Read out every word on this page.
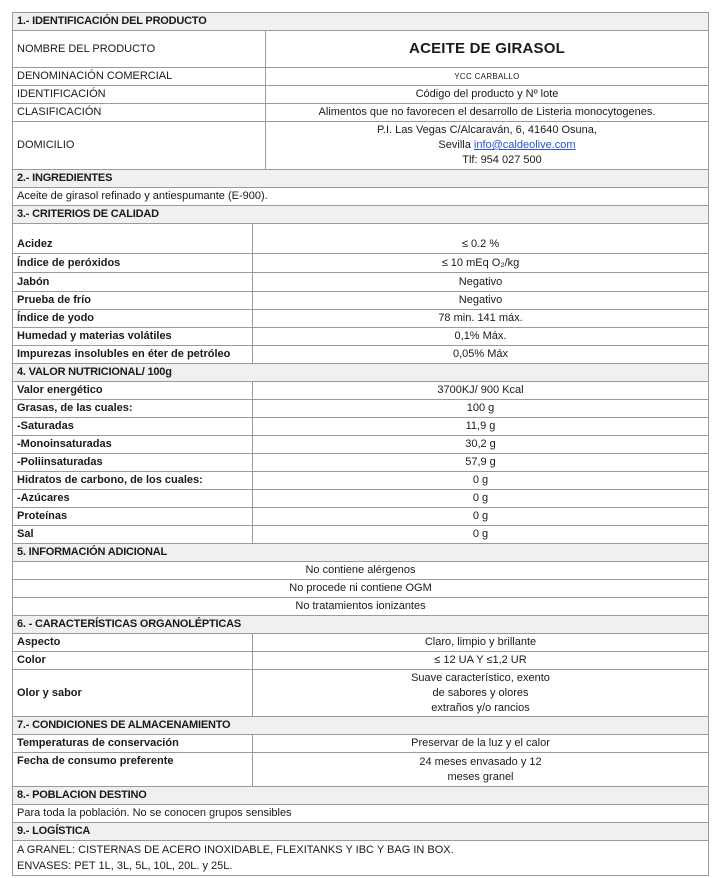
1.- IDENTIFICACIÓN DEL PRODUCTO	
NOMBRE DEL PRODUCTO	ACEITE DE GIRASOL
DENOMINACIÓN COMERCIAL	YCC CARBALLO
IDENTIFICACIÓN	Código del producto y Nº lote
CLASIFICACIÓN	Alimentos que no favorecen el desarrollo de Listeria monocytogenes.
DOMICILIO	P.I. Las Vegas C/Alcaraván, 6, 41640 Osuna,
Sevilla info@caldeolive.com
Tlf: 954 027 500
2.- INGREDIENTES
Aceite de girasol refinado y antiespumante (E-900).
3.- CRITERIOS DE CALIDAD	
Acidez	≤ 0.2 %
Índice de peróxidos	≤ 10 mEq O₂/kg
Jabón	Negativo
Prueba de frío	Negativo
Índice de yodo	78 min. 141 máx.
Humedad y materias volátiles	0,1% Máx.
Impurezas insolubles en éter de petróleo	0,05% Máx
4. VALOR NUTRICIONAL/ 100g	
Valor energético	3700KJ/ 900 Kcal
Grasas, de las cuales:	100 g
-Saturadas	11,9 g
-Monoinsaturadas	30,2 g
-Poliinsaturadas	57,9 g
Hidratos de carbono, de los cuales:	0 g
-Azúcares	0 g
Proteínas	0 g
Sal	0 g
5. INFORMACIÓN ADICIONAL
No contiene alérgenos
No procede ni contiene OGM
No tratamientos ionizantes
6. - CARACTERÍSTICAS ORGANOLÉPTICAS	
Aspecto	Claro, limpio y brillante
Color	≤ 12 UA Y ≤1,2 UR
Olor y sabor	Suave característico, exento
de sabores y olores
extraños y/o rancios
7.- CONDICIONES DE ALMACENAMIENTO	
Temperaturas de conservación	Preservar de la luz y el calor
Fecha de consumo preferente	24 meses envasado y 12
meses granel
8.- POBLACION DESTINO
Para toda la población. No se conocen grupos sensibles
9.- LOGÍSTICA

A GRANEL: CISTERNAS DE ACERO INOXIDABLE, FLEXITANKS Y IBC Y BAG IN BOX.
ENVASES: PET 1L, 3L, 5L, 10L, 20L. y 25L.
